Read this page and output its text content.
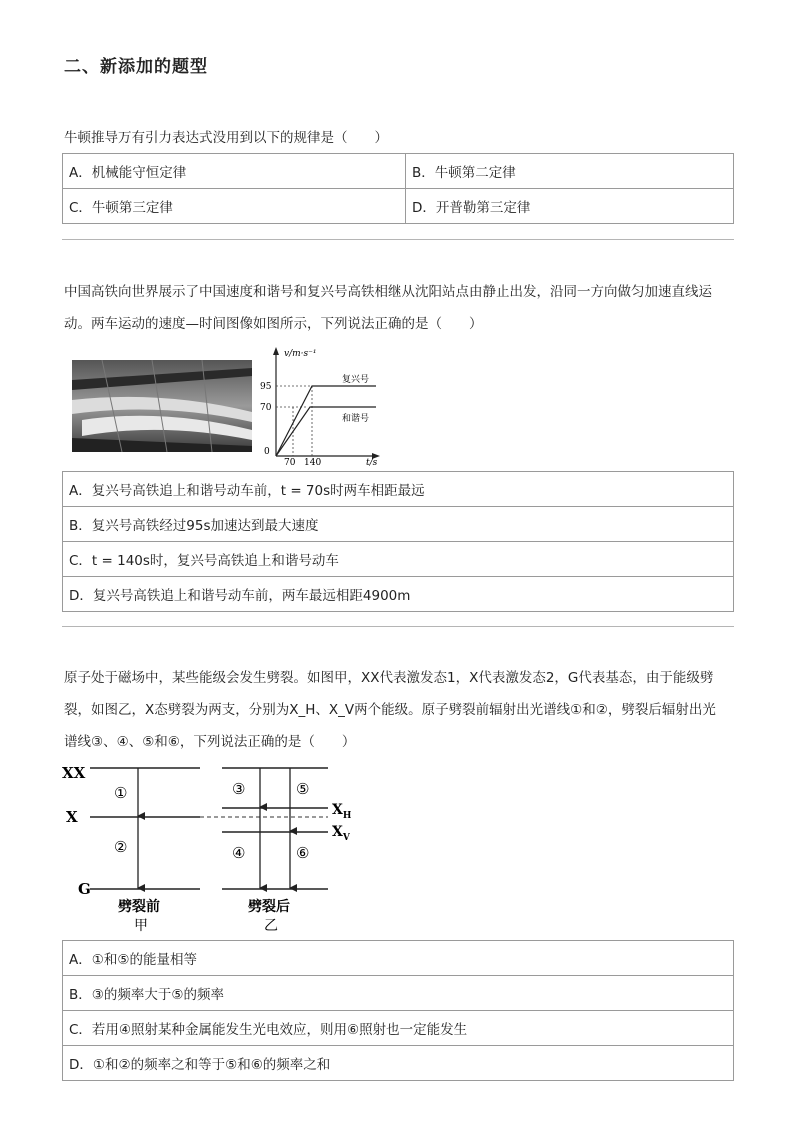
二、新添加的题型
牛顿推导万有引力表达式没用到以下的规律是（　　）
A．机械能守恒定律	B．牛顿第二定律
C．牛顿第三定律	D．开普勒第三定律
中国高铁向世界展示了中国速度和谐号和复兴号高铁相继从沈阳站点由静止出发，沿同一方向做匀加速直线运
动。两车运动的速度—时间图像如图所示，下列说法正确的是（　　）
v/m·s⁻¹
t/s
0
95
70
70 140
复兴号
和谐号
A．复兴号高铁追上和谐号动车前，t = 70s时两车相距最远
B．复兴号高铁经过95s加速达到最大速度
C．t = 140s时，复兴号高铁追上和谐号动车
D．复兴号高铁追上和谐号动车前，两车最远相距4900m
原子处于磁场中，某些能级会发生劈裂。如图甲，XX代表激发态1，X代表激发态2，G代表基态，由于能级劈
裂，如图乙，X态劈裂为两支，分别为X_H、X_V两个能级。原子劈裂前辐射出光谱线①和②，劈裂后辐射出光
谱线③、④、⑤和⑥，下列说法正确的是（　　）
XX
X
G
①
②
③
④
⑤
⑥
$X_H$
$X_V$
劈裂前
甲
劈裂后
乙
A．①和⑤的能量相等
B．③的频率大于⑤的频率
C．若用④照射某种金属能发生光电效应，则用⑥照射也一定能发生
D．①和②的频率之和等于⑤和⑥的频率之和
